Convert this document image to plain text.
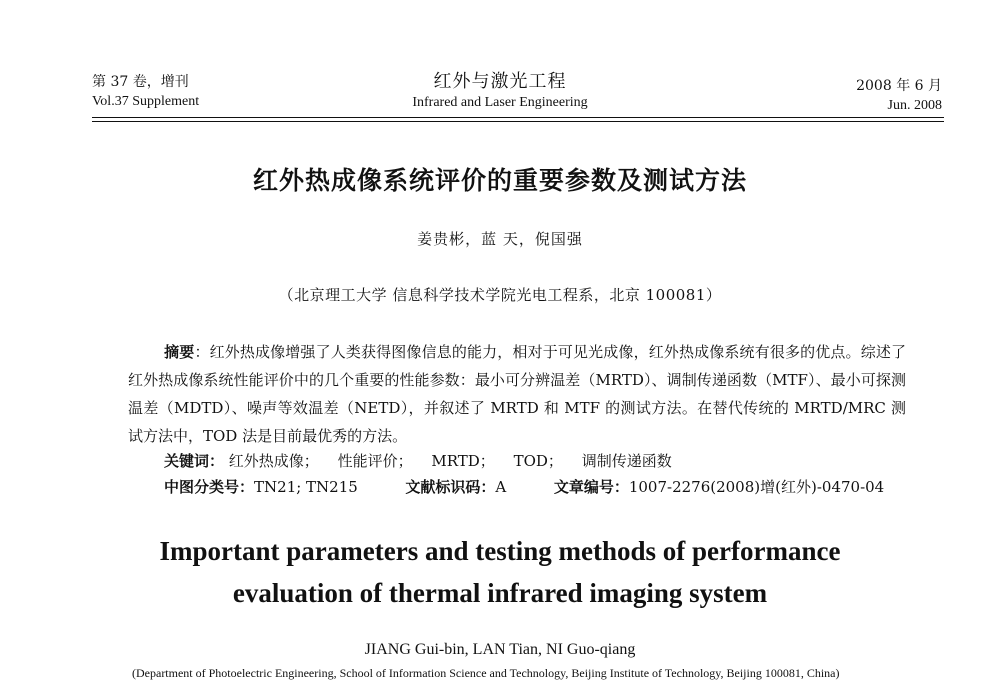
第 37 卷，增刊
Vol.37 Supplement
红外与激光工程
Infrared and Laser Engineering
2008 年 6 月
Jun. 2008
红外热成像系统评价的重要参数及测试方法
姜贵彬，蓝 天，倪国强
（北京理工大学 信息科学技术学院光电工程系，北京 100081）
摘要：红外热成像增强了人类获得图像信息的能力，相对于可见光成像，红外热成像系统有很多的优点。综述了红外热成像系统性能评价中的几个重要的性能参数：最小可分辨温差（MRTD）、调制传递函数（MTF）、最小可探测温差（MDTD）、噪声等效温差（NETD），并叙述了 MRTD 和 MTF 的测试方法。在替代传统的 MRTD/MRC 测试方法中，TOD 法是目前最优秀的方法。
关键词： 红外热成像； 性能评价； MRTD； TOD； 调制传递函数
中图分类号：TN21; TN215	文献标识码：A	文章编号：1007-2276(2008)增(红外)-0470-04
Important parameters and testing methods of performance
evaluation of thermal infrared imaging system
JIANG Gui-bin, LAN Tian, NI Guo-qiang
(Department of Photoelectric Engineering, School of Information Science and Technology, Beijing Institute of Technology, Beijing 100081, China)
